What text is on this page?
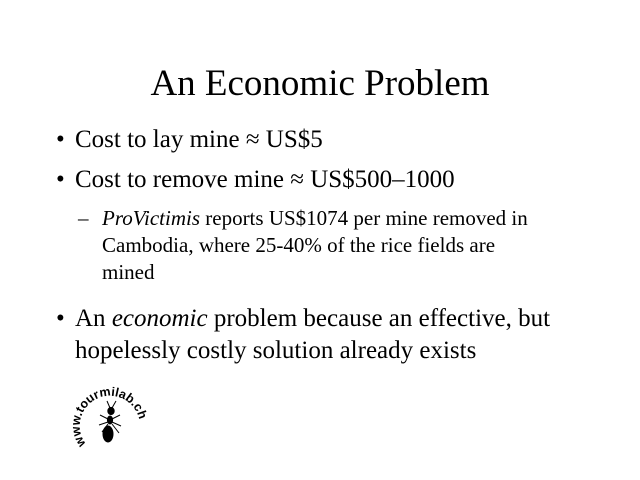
An Economic Problem
• Cost to lay mine ≈ US$5
• Cost to remove mine ≈ US$500–1000
– ProVictimis reports US$1074 per mine removed in
Cambodia, where 25-40% of the rice fields are
mined
• An economic problem because an effective, but
hopelessly costly solution already exists
www.tourmilab.ch
